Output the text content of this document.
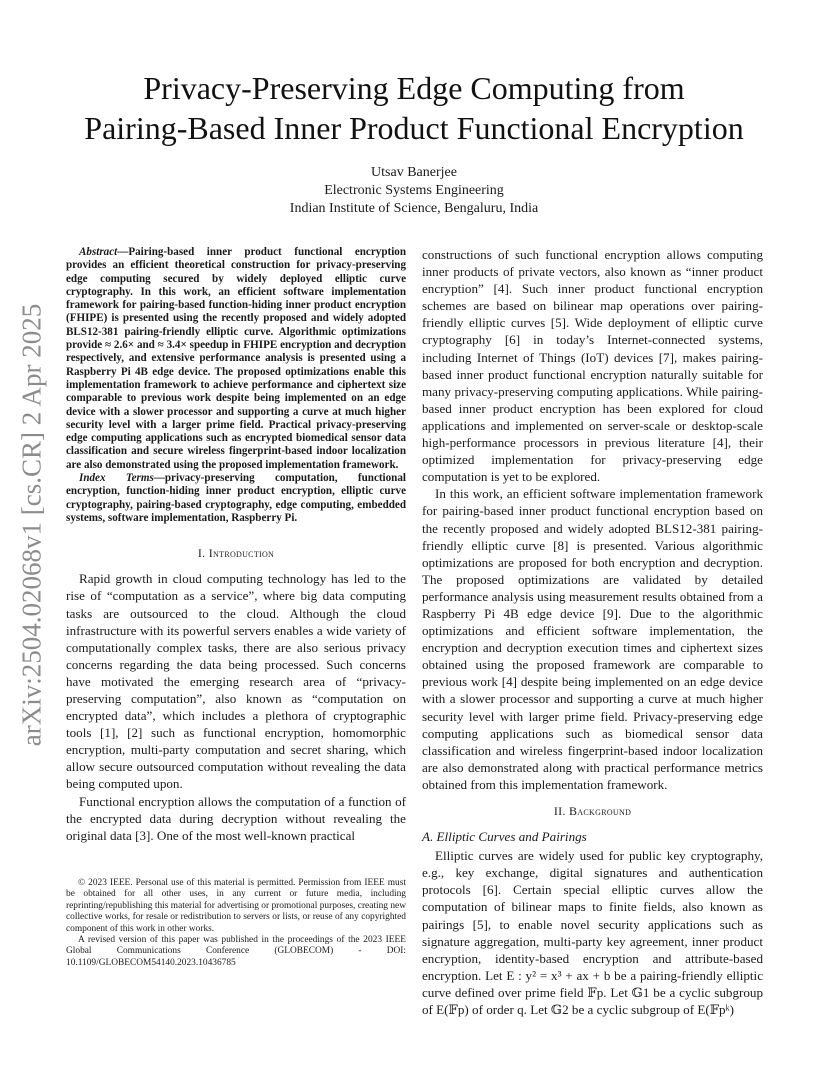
arXiv:2504.02068v1 [cs.CR] 2 Apr 2025
Privacy-Preserving Edge Computing from
Pairing-Based Inner Product Functional Encryption
Utsav Banerjee
Electronic Systems Engineering
Indian Institute of Science, Bengaluru, India

Abstract—Pairing-based inner product functional encryption provides an efficient theoretical construction for privacy-preserving edge computing secured by widely deployed elliptic curve cryptography. In this work, an efficient software implementation framework for pairing-based function-hiding inner product encryption (FHIPE) is presented using the recently proposed and widely adopted BLS12-381 pairing-friendly elliptic curve. Algorithmic optimizations provide ≈ 2.6× and ≈ 3.4× speedup in FHIPE encryption and decryption respectively, and extensive performance analysis is presented using a Raspberry Pi 4B edge device. The proposed optimizations enable this implementation framework to achieve performance and ciphertext size comparable to previous work despite being implemented on an edge device with a slower processor and supporting a curve at much higher security level with a larger prime field. Practical privacy-preserving edge computing applications such as encrypted biomedical sensor data classification and secure wireless fingerprint-based indoor localization are also demonstrated using the proposed implementation framework.

Index Terms—privacy-preserving computation, functional encryption, function-hiding inner product encryption, elliptic curve cryptography, pairing-based cryptography, edge computing, embedded systems, software implementation, Raspberry Pi.

I. Introduction

Rapid growth in cloud computing technology has led to the rise of “computation as a service”, where big data computing tasks are outsourced to the cloud. Although the cloud infrastructure with its powerful servers enables a wide variety of computationally complex tasks, there are also serious privacy concerns regarding the data being processed. Such concerns have motivated the emerging research area of “privacy-preserving computation”, also known as “computation on encrypted data”, which includes a plethora of cryptographic tools [1], [2] such as functional encryption, homomorphic encryption, multi-party computation and secret sharing, which allow secure outsourced computation without revealing the data being computed upon.

Functional encryption allows the computation of a function of the encrypted data during decryption without revealing the original data [3]. One of the most well-known practical

constructions of such functional encryption allows computing inner products of private vectors, also known as “inner product encryption” [4]. Such inner product functional encryption schemes are based on bilinear map operations over pairing-friendly elliptic curves [5]. Wide deployment of elliptic curve cryptography [6] in today’s Internet-connected systems, including Internet of Things (IoT) devices [7], makes pairing-based inner product functional encryption naturally suitable for many privacy-preserving computing applications. While pairing-based inner product encryption has been explored for cloud applications and implemented on server-scale or desktop-scale high-performance processors in previous literature [4], their optimized implementation for privacy-preserving edge computation is yet to be explored.

In this work, an efficient software implementation framework for pairing-based inner product functional encryption based on the recently proposed and widely adopted BLS12-381 pairing-friendly elliptic curve [8] is presented. Various algorithmic optimizations are proposed for both encryption and decryption. The proposed optimizations are validated by detailed performance analysis using measurement results obtained from a Raspberry Pi 4B edge device [9]. Due to the algorithmic optimizations and efficient software implementation, the encryption and decryption execution times and ciphertext sizes obtained using the proposed framework are comparable to previous work [4] despite being implemented on an edge device with a slower processor and supporting a curve at much higher security level with larger prime field. Privacy-preserving edge computing applications such as biomedical sensor data classification and wireless fingerprint-based indoor localization are also demonstrated along with practical performance metrics obtained from this implementation framework.

II. Background
A. Elliptic Curves and Pairings

Elliptic curves are widely used for public key cryptography, e.g., key exchange, digital signatures and authentication protocols [6]. Certain special elliptic curves allow the computation of bilinear maps to finite fields, also known as pairings [5], to enable novel security applications such as signature aggregation, multi-party key agreement, inner product encryption, identity-based encryption and attribute-based encryption. Let E : y² = x³ + ax + b be a pairing-friendly elliptic curve defined over prime field 𝔽p. Let 𝔾1 be a cyclic subgroup of E(𝔽p) of order q. Let 𝔾2 be a cyclic subgroup of E(𝔽pᵏ)

© 2023 IEEE. Personal use of this material is permitted. Permission from IEEE must be obtained for all other uses, in any current or future media, including reprinting/republishing this material for advertising or promotional purposes, creating new collective works, for resale or redistribution to servers or lists, or reuse of any copyrighted component of this work in other works.

A revised version of this paper was published in the proceedings of the 2023 IEEE Global Communications Conference (GLOBECOM) - DOI: 10.1109/GLOBECOM54140.2023.10436785
